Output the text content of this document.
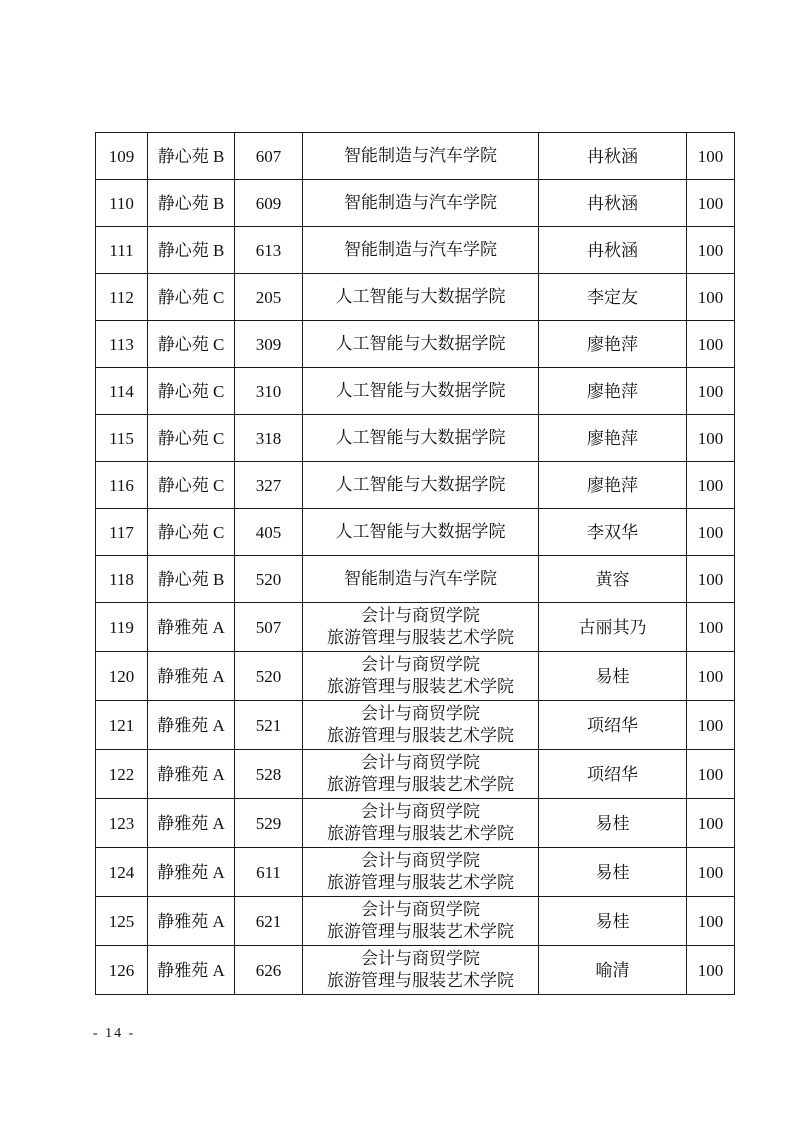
109	静心苑 B	607	智能制造与汽车学院	冉秋涵	100
110	静心苑 B	609	智能制造与汽车学院	冉秋涵	100
111	静心苑 B	613	智能制造与汽车学院	冉秋涵	100
112	静心苑 C	205	人工智能与大数据学院	李定友	100
113	静心苑 C	309	人工智能与大数据学院	廖艳萍	100
114	静心苑 C	310	人工智能与大数据学院	廖艳萍	100
115	静心苑 C	318	人工智能与大数据学院	廖艳萍	100
116	静心苑 C	327	人工智能与大数据学院	廖艳萍	100
117	静心苑 C	405	人工智能与大数据学院	李双华	100
118	静心苑 B	520	智能制造与汽车学院	黄容	100
119	静雅苑 A	507	会计与商贸学院
旅游管理与服装艺术学院	古丽其乃	100
120	静雅苑 A	520	会计与商贸学院
旅游管理与服装艺术学院	易桂	100
121	静雅苑 A	521	会计与商贸学院
旅游管理与服装艺术学院	项绍华	100
122	静雅苑 A	528	会计与商贸学院
旅游管理与服装艺术学院	项绍华	100
123	静雅苑 A	529	会计与商贸学院
旅游管理与服装艺术学院	易桂	100
124	静雅苑 A	611	会计与商贸学院
旅游管理与服装艺术学院	易桂	100
125	静雅苑 A	621	会计与商贸学院
旅游管理与服装艺术学院	易桂	100
126	静雅苑 A	626	会计与商贸学院
旅游管理与服装艺术学院	喻清	100
- 14 -
